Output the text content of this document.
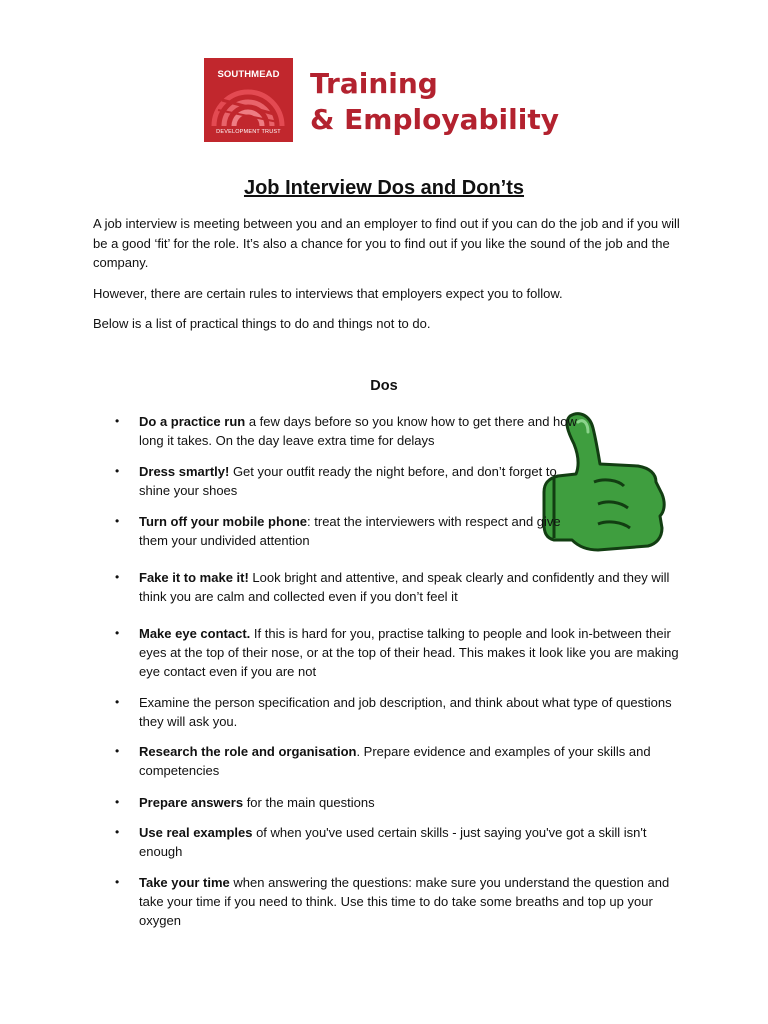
SOUTHMEAD
DEVELOPMENT TRUST
Training
& Employability
Job Interview Dos and Don’ts

A job interview is meeting between you and an employer to find out if you can do the job and if you will be a good ‘fit’ for the role. It’s also a chance for you to find out if you like the sound of the job and the company.

However, there are certain rules to interviews that employers expect you to follow.

Below is a list of practical things to do and things not to do.

Dos
• Do a practice run a few days before so you know how to get there and how long it takes. On the day leave extra time for delays
• Dress smartly! Get your outfit ready the night before, and don’t forget to shine your shoes
• Turn off your mobile phone: treat the interviewers with respect and give them your undivided attention
• Fake it to make it! Look bright and attentive, and speak clearly and confidently and they will think you are calm and collected even if you don’t feel it
• Make eye contact. If this is hard for you, practise talking to people and look in-between their eyes at the top of their nose, or at the top of their head. This makes it look like you are making eye contact even if you are not
• Examine the person specification and job description, and think about what type of questions they will ask you.
• Research the role and organisation. Prepare evidence and examples of your skills and competencies
• Prepare answers for the main questions
• Use real examples of when you've used certain skills - just saying you've got a skill isn't enough
• Take your time when answering the questions: make sure you understand the question and take your time if you need to think. Use this time to do take some breaths and top up your oxygen
